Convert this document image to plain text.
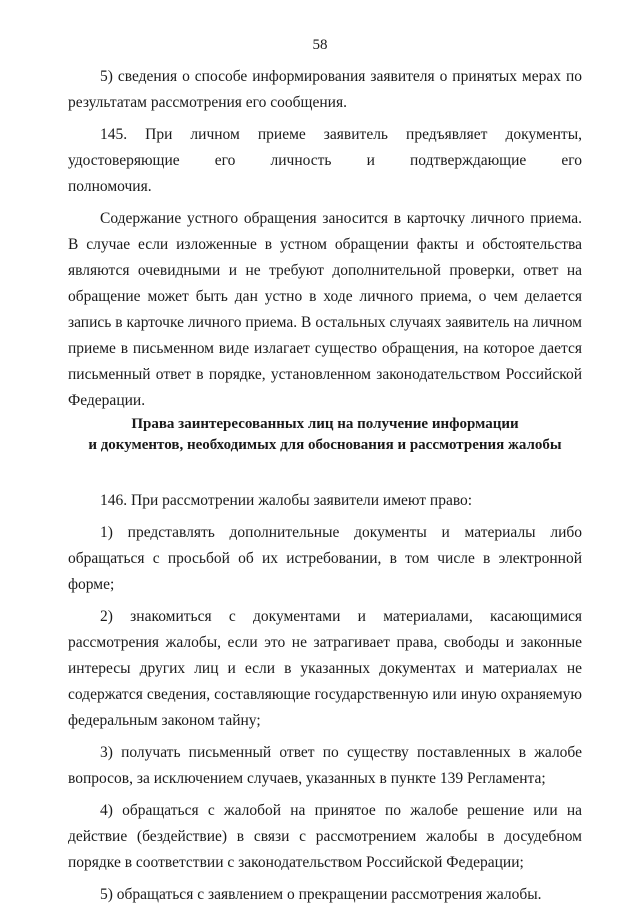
58

5) сведения о способе информирования заявителя о принятых мерах по результатам рассмотрения его сообщения.

145. При личном приеме заявитель предъявляет документы, удостоверяющие его личность и подтверждающие его полномочия.

Содержание устного обращения заносится в карточку личного приема. В случае если изложенные в устном обращении факты и обстоятельства являются очевидными и не требуют дополнительной проверки, ответ на обращение может быть дан устно в ходе личного приема, о чем делается запись в карточке личного приема. В остальных случаях заявитель на личном приеме в письменном виде излагает существо обращения, на которое дается письменный ответ в порядке, установленном законодательством Российской Федерации.

Права заинтересованных лиц на получение информации
и документов, необходимых для обоснования и рассмотрения жалобы

146. При рассмотрении жалобы заявители имеют право:

1) представлять дополнительные документы и материалы либо обращаться с просьбой об их истребовании, в том числе в электронной форме;

2) знакомиться с документами и материалами, касающимися рассмотрения жалобы, если это не затрагивает права, свободы и законные интересы других лиц и если в указанных документах и материалах не содержатся сведения, составляющие государственную или иную охраняемую федеральным законом тайну;

3) получать письменный ответ по существу поставленных в жалобе вопросов, за исключением случаев, указанных в пункте 139 Регламента;

4) обращаться с жалобой на принятое по жалобе решение или на действие (бездействие) в связи с рассмотрением жалобы в досудебном порядке в соответствии с законодательством Российской Федерации;

5) обращаться с заявлением о прекращении рассмотрения жалобы.
